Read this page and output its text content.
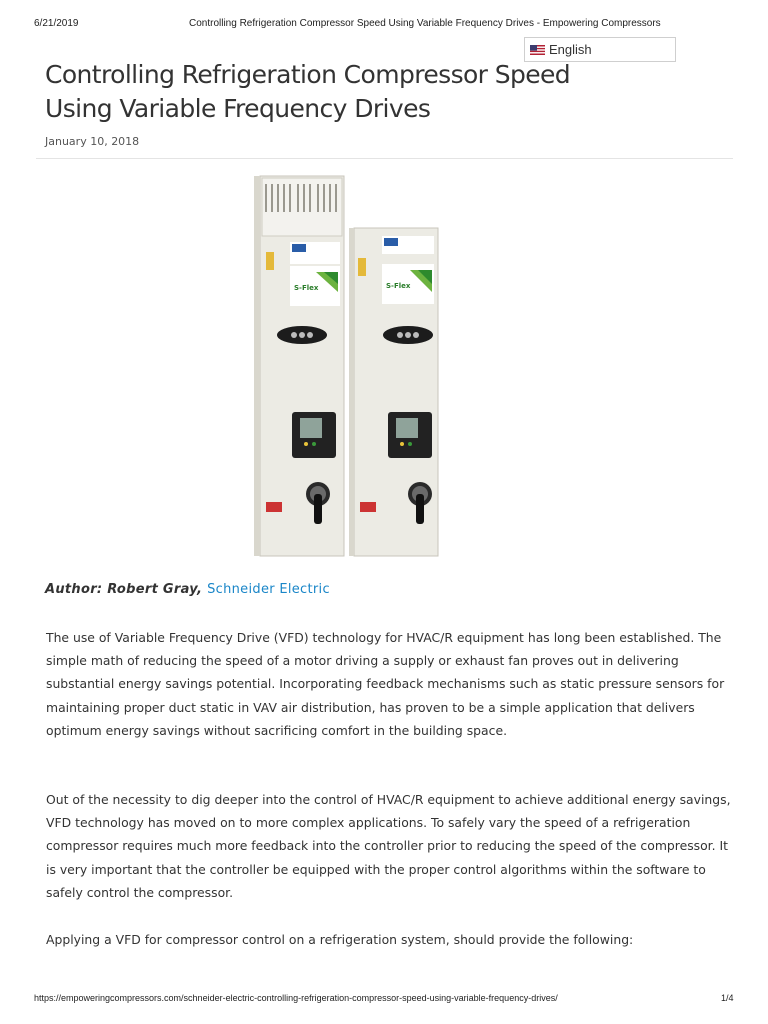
6/21/2019	Controlling Refrigeration Compressor Speed Using Variable Frequency Drives - Empowering Compressors
English
Controlling Refrigeration Compressor Speed Using Variable Frequency Drives
January 10, 2018
S-Flex	S-Flex
Author: Robert Gray, Schneider Electric

The use of Variable Frequency Drive (VFD) technology for HVAC/R equipment has long been established. The simple math of reducing the speed of a motor driving a supply or exhaust fan proves out in delivering substantial energy savings potential. Incorporating feedback mechanisms such as static pressure sensors for maintaining proper duct static in VAV air distribution, has proven to be a simple application that delivers optimum energy savings without sacrificing comfort in the building space.

Out of the necessity to dig deeper into the control of HVAC/R equipment to achieve additional energy savings, VFD technology has moved on to more complex applications. To safely vary the speed of a refrigeration compressor requires much more feedback into the controller prior to reducing the speed of the compressor. It is very important that the controller be equipped with the proper control algorithms within the software to safely control the compressor.

Applying a VFD for compressor control on a refrigeration system, should provide the following:

https://empoweringcompressors.com/schneider-electric-controlling-refrigeration-compressor-speed-using-variable-frequency-drives/	1/4
